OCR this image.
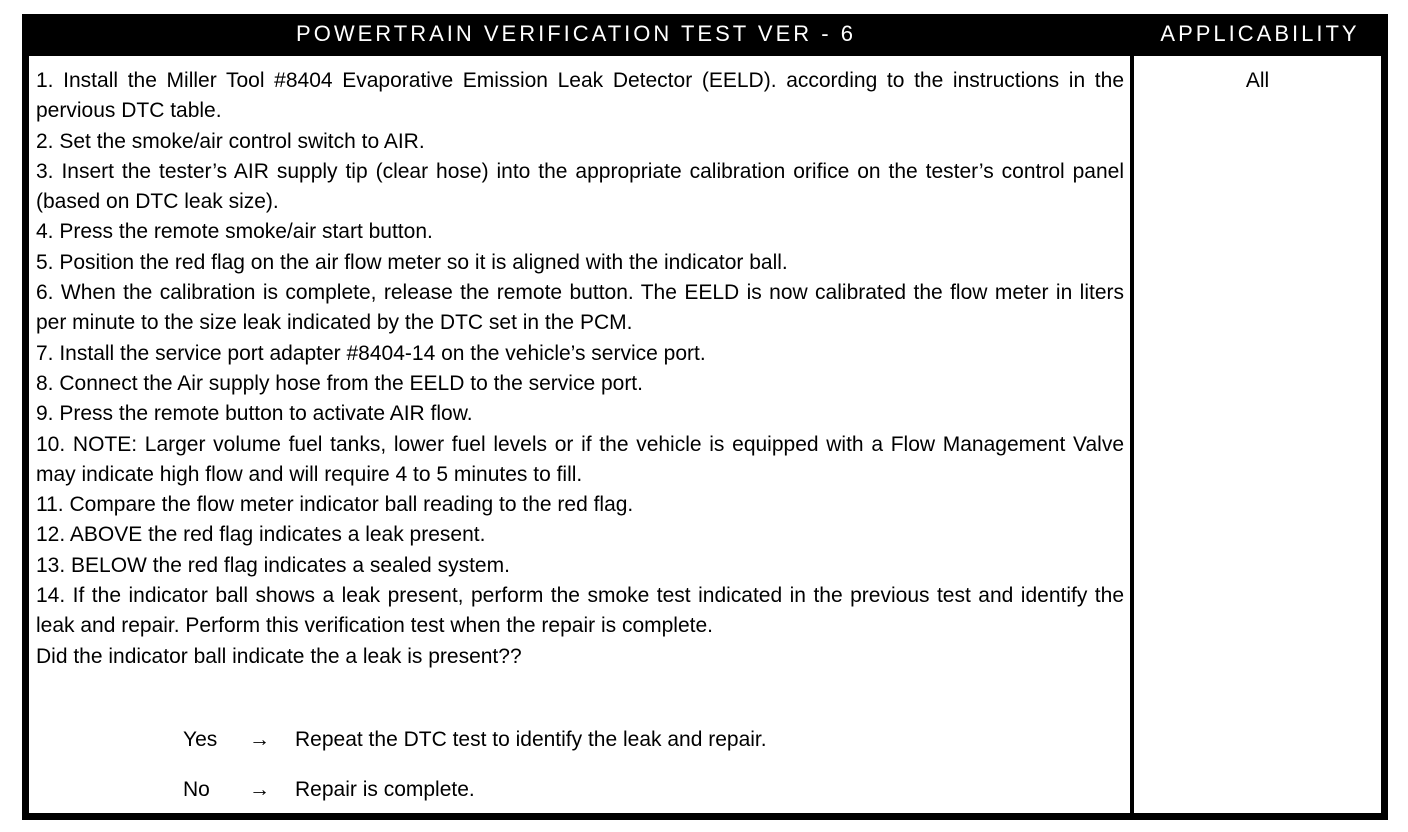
POWERTRAIN VERIFICATION TEST VER - 6	APPLICABILITY
1. Install the Miller Tool #8404 Evaporative Emission Leak Detector (EELD). according to the instructions in the pervious DTC table.
2. Set the smoke/air control switch to AIR.
3. Insert the tester’s AIR supply tip (clear hose) into the appropriate calibration orifice on the tester’s control panel (based on DTC leak size).
4. Press the remote smoke/air start button.
5. Position the red flag on the air flow meter so it is aligned with the indicator ball.
6. When the calibration is complete, release the remote button. The EELD is now calibrated the flow meter in liters per minute to the size leak indicated by the DTC set in the PCM.
7. Install the service port adapter #8404-14 on the vehicle’s service port.
8. Connect the Air supply hose from the EELD to the service port.
9. Press the remote button to activate AIR flow.
10. NOTE: Larger volume fuel tanks, lower fuel levels or if the vehicle is equipped with a Flow Management Valve may indicate high flow and will require 4 to 5 minutes to fill.
11. Compare the flow meter indicator ball reading to the red flag.
12. ABOVE the red flag indicates a leak present.
13. BELOW the red flag indicates a sealed system.
14. If the indicator ball shows a leak present, perform the smoke test indicated in the previous test and identify the leak and repair. Perform this verification test when the repair is complete.
Did the indicator ball indicate the a leak is present??
Yes → Repeat the DTC test to identify the leak and repair.
No → Repair is complete.
All
